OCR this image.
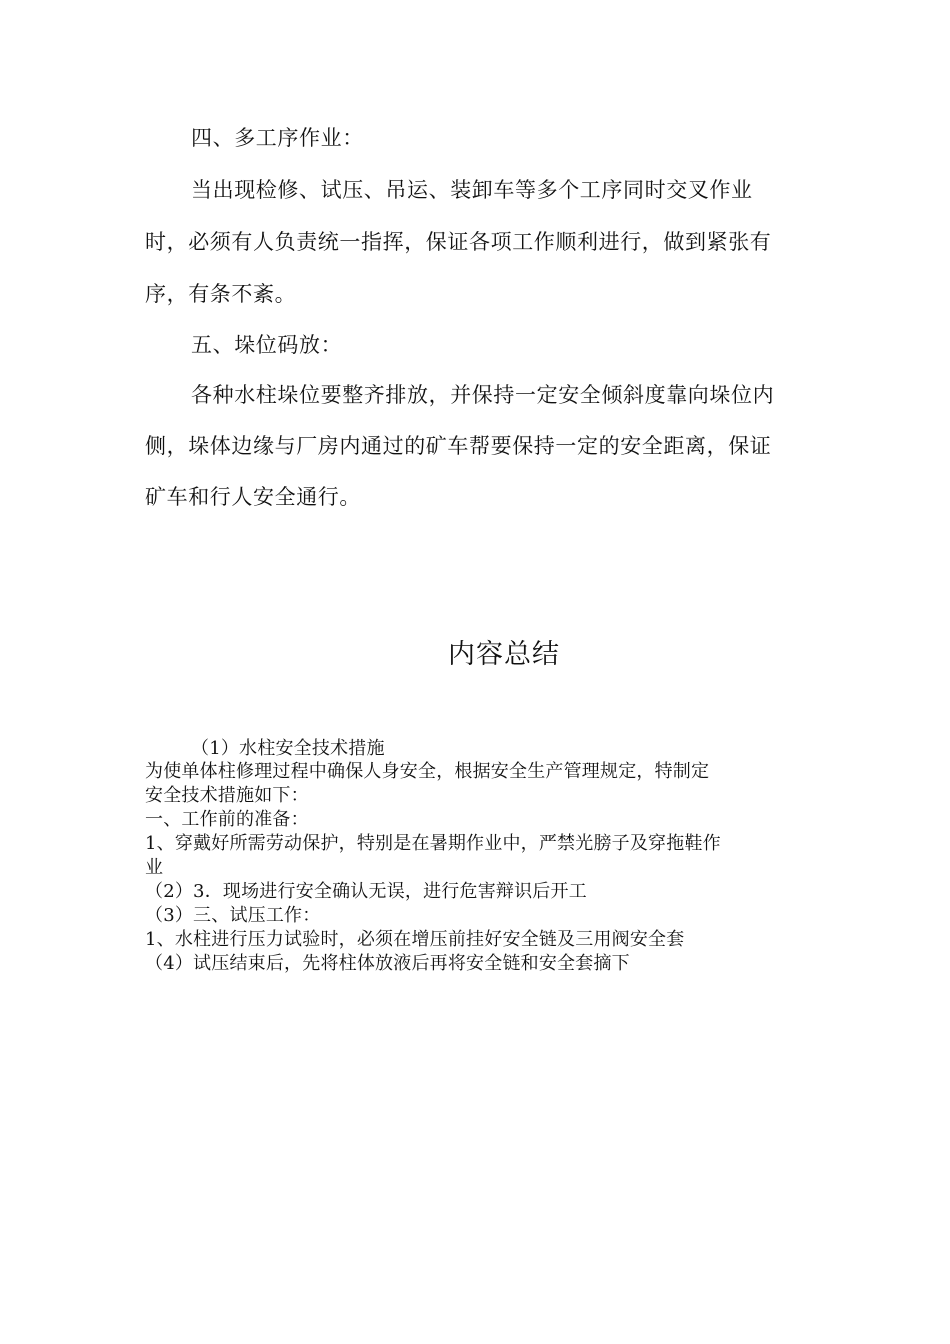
四、多工序作业：
当出现检修、试压、吊运、装卸车等多个工序同时交叉作业
时，必须有人负责统一指挥，保证各项工作顺利进行，做到紧张有
序，有条不紊。
五、垛位码放：
各种水柱垛位要整齐排放，并保持一定安全倾斜度靠向垛位内
侧，垛体边缘与厂房内通过的矿车帮要保持一定的安全距离，保证
矿车和行人安全通行。
内容总结
（1）水柱安全技术措施
为使单体柱修理过程中确保人身安全，根据安全生产管理规定，特制定
安全技术措施如下：
一、工作前的准备：
1、穿戴好所需劳动保护，特别是在暑期作业中，严禁光膀子及穿拖鞋作
业
（2）3．现场进行安全确认无误，进行危害辩识后开工
（3）三、试压工作：
1、水柱进行压力试验时，必须在增压前挂好安全链及三用阀安全套
（4）试压结束后，先将柱体放液后再将安全链和安全套摘下
